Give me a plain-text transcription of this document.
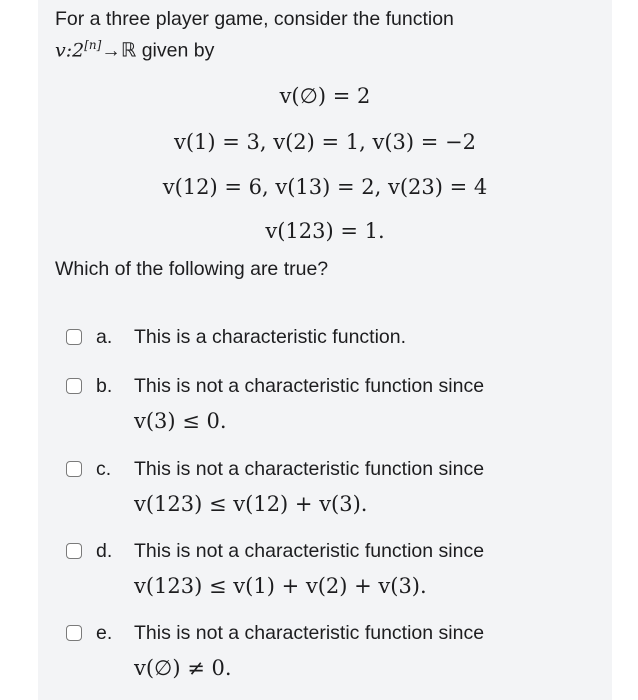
For a three player game, consider the function
v:2[n]→ℝ given by
v(∅) = 2
v(1) = 3, v(2) = 1, v(3) = −2
v(12) = 6, v(13) = 2, v(23) = 4
v(123) = 1.
Which of the following are true?
a. This is a characteristic function.
b. This is not a characteristic function since
v(3) ≤ 0.
c. This is not a characteristic function since
v(123) ≤ v(12) + v(3).
d. This is not a characteristic function since
v(123) ≤ v(1) + v(2) + v(3).
e. This is not a characteristic function since
v(∅) ≠ 0.
